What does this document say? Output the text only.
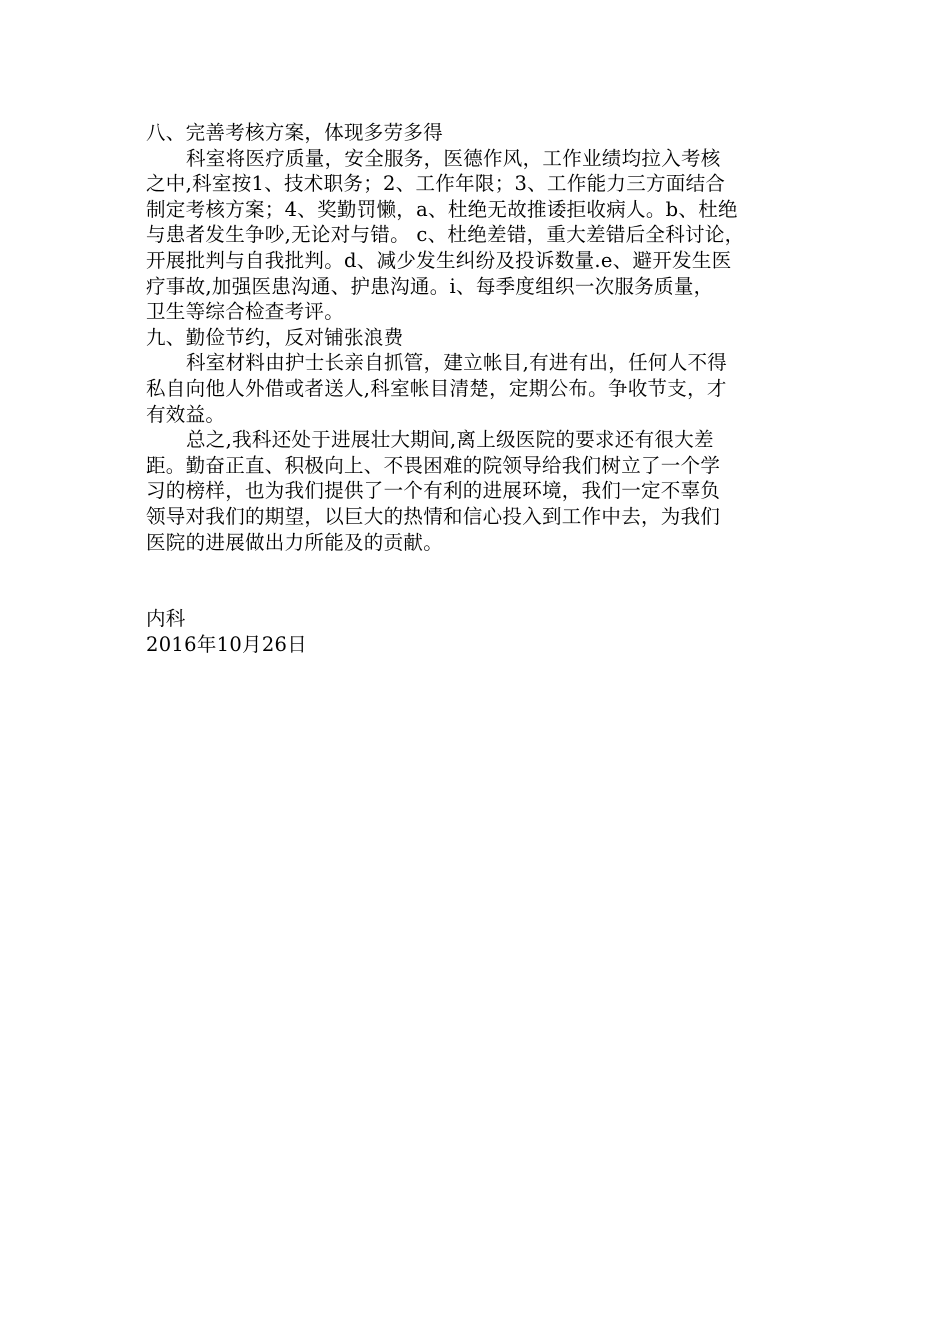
八、完善考核方案，体现多劳多得
科室将医疗质量，安全服务，医德作风，工作业绩均拉入考核
之中,科室按1、技术职务；2、工作年限；3、工作能力三方面结合
制定考核方案；4、奖勤罚懒，a、杜绝无故推诿拒收病人。b、杜绝
与患者发生争吵,无论对与错。 c、杜绝差错，重大差错后全科讨论，
开展批判与自我批判。d、减少发生纠纷及投诉数量.e、避开发生医
疗事故,加强医患沟通、护患沟通。i、每季度组织一次服务质量，
卫生等综合检查考评。
九、勤俭节约，反对铺张浪费
科室材料由护士长亲自抓管，建立帐目,有进有出，任何人不得
私自向他人外借或者送人,科室帐目清楚，定期公布。争收节支，才
有效益。
总之,我科还处于进展壮大期间,离上级医院的要求还有很大差
距。勤奋正直、积极向上、不畏困难的院领导给我们树立了一个学
习的榜样，也为我们提供了一个有利的进展环境，我们一定不辜负
领导对我们的期望，以巨大的热情和信心投入到工作中去，为我们
医院的进展做出力所能及的贡献。
内科
2016年10月26日
